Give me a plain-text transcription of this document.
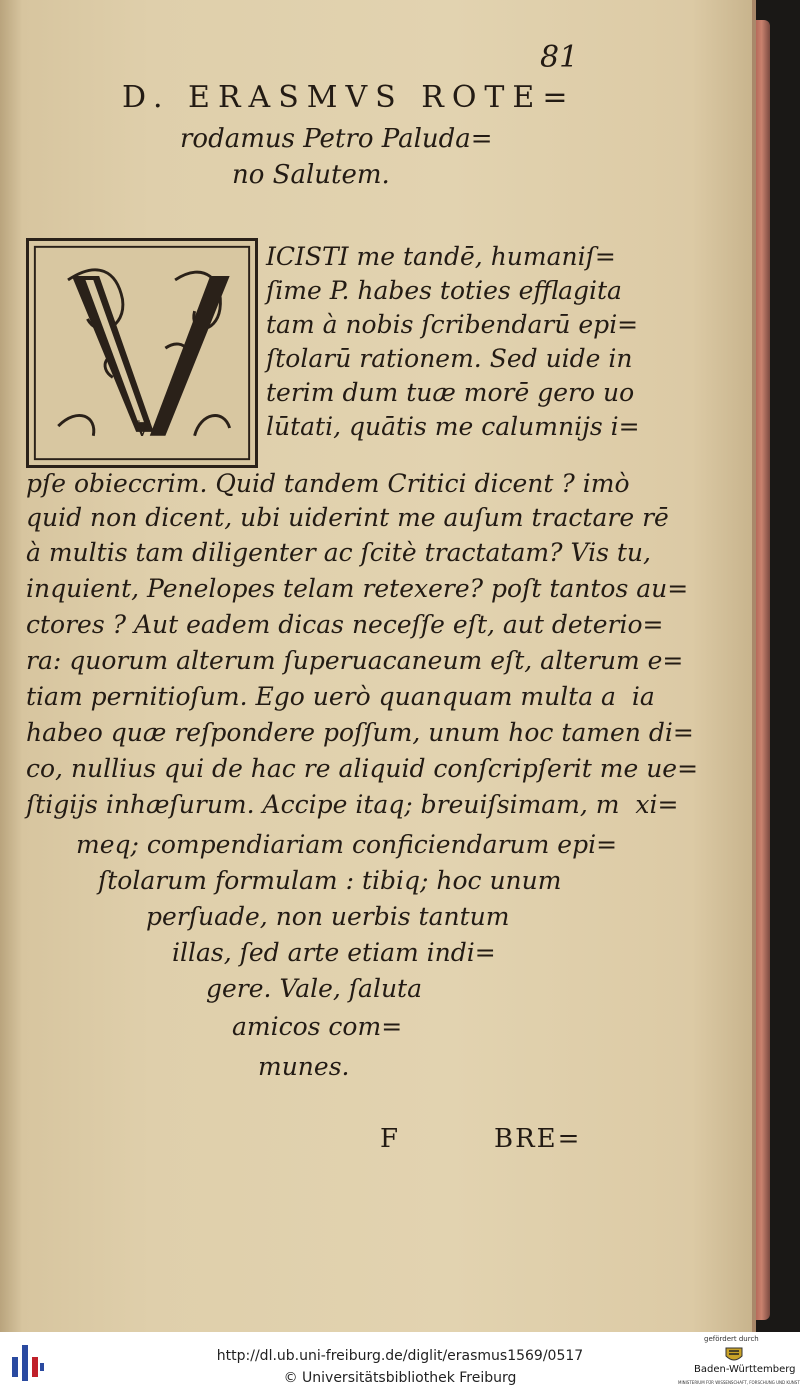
81
D. ERASMVS ROTE=
rodamus Petro Paluda=
no Salutem.
V
ICISTI me tandē, humaniſ=
ſime P. habes toties efflagita
tam à nobis ſcribendarū epi=
ſtolarū rationem. Sed uide in
terim dum tuæ morē gero uo
lūtati, quātis me calumnijs i=
pſe obieccrim. Quid tandem Critici dicent ? imò
quid non dicent, ubi uiderint me auſum tractare rē
à multis tam diligenter ac ſcitè tractatam? Vis tu,
inquient, Penelopes telam retexere? poſt tantos au=
ctores ? Aut eadem dicas neceſſe eſt, aut deterio=
ra: quorum alterum ſuperuacaneum eſt, alterum e=
tiam pernitioſum. Ego uerò quanquam multa a  ia
habeo quæ reſpondere poſſum, unum hoc tamen di=
co, nullius qui de hac re aliquid conſcripſerit me ue=
ſtigijs inhæſurum. Accipe itaq; breuiſsimam, m  xi=
meq; compendiariam conficiendarum epi=
ſtolarum formulam : tibiq; hoc unum
perſuade, non uerbis tantum
illas, ſed arte etiam indi=
gere. Vale, ſaluta
amicos com=
munes.
F	BRE=
http://dl.ub.uni-freiburg.de/diglit/erasmus1569/0517
© Universitätsbibliothek Freiburg
gefördert durch
Baden-Württemberg
MINISTERIUM FÜR WISSENSCHAFT, FORSCHUNG UND KUNST
